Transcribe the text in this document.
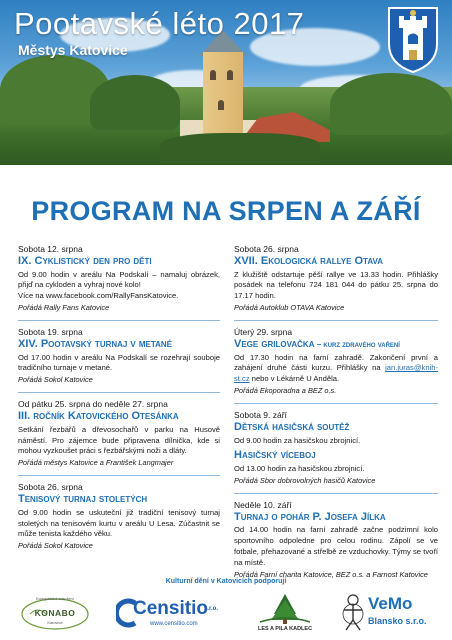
Pootavské léto 2017
Městys Katovice
PROGRAM NA SRPEN A ZÁŘÍ
Sobota 12. srpna
IX. Cyklistický den pro děti
Od 9.00 hodin v areálu Na Podskalí – namaluj obrázek, přijď na cykloden a vyhraj nové kolo!
Více na www.facebook.com/RallyFansKatovice.
Pořádá Rally Fans Katovice
Sobota 19. srpna
XIV. Pootavský turnaj v metané
Od 17.00 hodin v areálu Na Podskalí se rozehrají souboje tradičního turnaje v metané.
Pořádá Sokol Katovice
Od pátku 25. srpna do neděle 27. srpna
III. ročník Katovického Otesánka
Setkání řezbářů a dřevosochařů v parku na Husově náměstí. Pro zájemce bude připravena dílnička, kde si mohou vyzkoušet práci s řezbářskými noži a dláty.
Pořádá městys Katovice a František Langmajer
Sobota 26. srpna
Tenisový turnaj stoletých
Od 9.00 hodin se uskuteční již tradiční tenisový turnaj stoletých na tenisovém kurtu v areálu U Lesa. Zúčastnit se může tenista každého věku.
Pořádá Sokol Katovice
Sobota 26. srpna
XVII. Ekologická rallye Otava
Z klužiště odstartuje pěší rallye ve 13.33 hodin. Přihlášky posádek na telefonu 724 181 044 do pátku 25. srpna do 17.17 hodin.
Pořádá Autoklub OTAVA Katovice
Úterý 29. srpna
Vege grilovačka – kurz zdravého vaření
Od 17.30 hodin na farní zahradě. Zakončení první a zahájení druhé části kurzu. Přihlášky na jan.juras@knih-st.cz nebo v Lékárně U Anděla.
Pořádá Ekoporadna a BEZ o.s.
Sobota 9. září
Dětská hasičská soutěž
Od 9.00 hodin za hasičskou zbrojnicí.
Hasičský víceboj
Od 13.00 hodin za hasičskou zbrojnicí.
Pořádá Sbor dobrovolných hasičů Katovice
Neděle 10. září
Turnaj o pohár P. Josefa Jílka
Od 14.00 hodin na farní zahradě začne podzimní kolo sportovního odpoledne pro celou rodinu. Zápolí se ve fotbale, přehazované a střelbě ze vzduchovky. Týmy se tvoří na místě.
Pořádá Farní charita Katovice, BEZ o.s. a Farnost Katovice
Kulturní dění v Katovicích podporují
Konopářské sdružení
KONABO
Katovice
Censitio
s.r.o.
www.censitio.com
LES A PILA KADLEC
VeMo
Blansko s.r.o.
